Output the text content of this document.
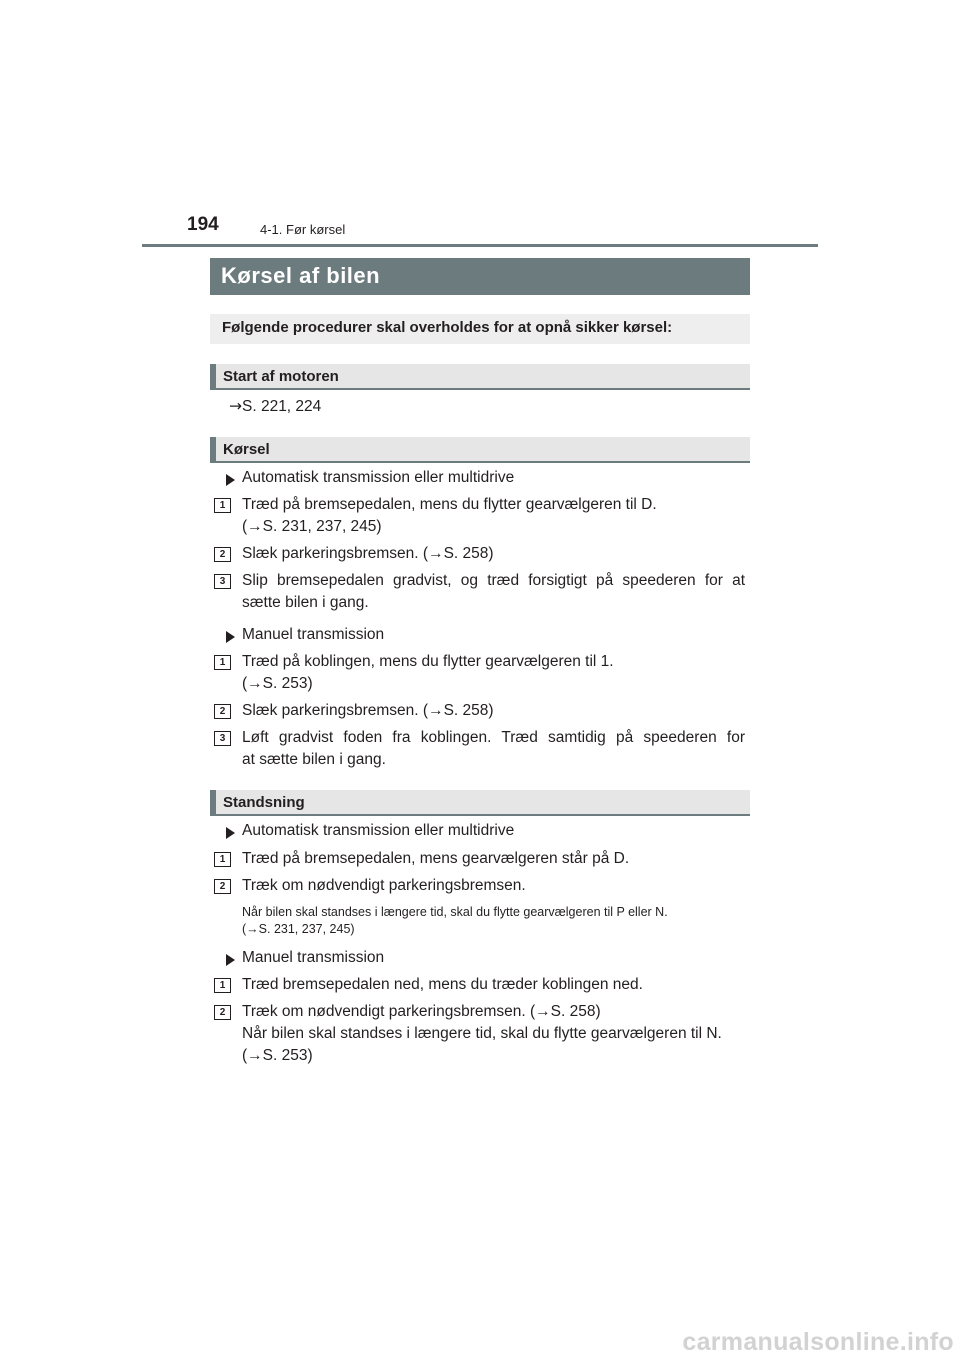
194	4-1. Før kørsel
Kørsel af bilen
Følgende procedurer skal overholdes for at opnå sikker kørsel:
Start af motoren
→S. 221, 224
Kørsel
Automatisk transmission eller multidrive
1	Træd på bremsepedalen, mens du flytter gearvælgeren til D.
(→S. 231, 237, 245)
2	Slæk parkeringsbremsen. (→S. 258)
3	Slip bremsepedalen gradvist, og træd forsigtigt på speederen for at
sætte bilen i gang.
Manuel transmission
1	Træd på koblingen, mens du flytter gearvælgeren til 1.
(→S. 253)
2	Slæk parkeringsbremsen. (→S. 258)
3	Løft gradvist foden fra koblingen. Træd samtidig på speederen for
at sætte bilen i gang.
Standsning
Automatisk transmission eller multidrive
1	Træd på bremsepedalen, mens gearvælgeren står på D.
2	Træk om nødvendigt parkeringsbremsen.
Når bilen skal standses i længere tid, skal du flytte gearvælgeren til P eller N.
(→S. 231, 237, 245)
Manuel transmission
1	Træd bremsepedalen ned, mens du træder koblingen ned.
2	Træk om nødvendigt parkeringsbremsen. (→S. 258)
Når bilen skal standses i længere tid, skal du flytte gearvælgeren til N.
(→S. 253)
carmanualsonline.info
